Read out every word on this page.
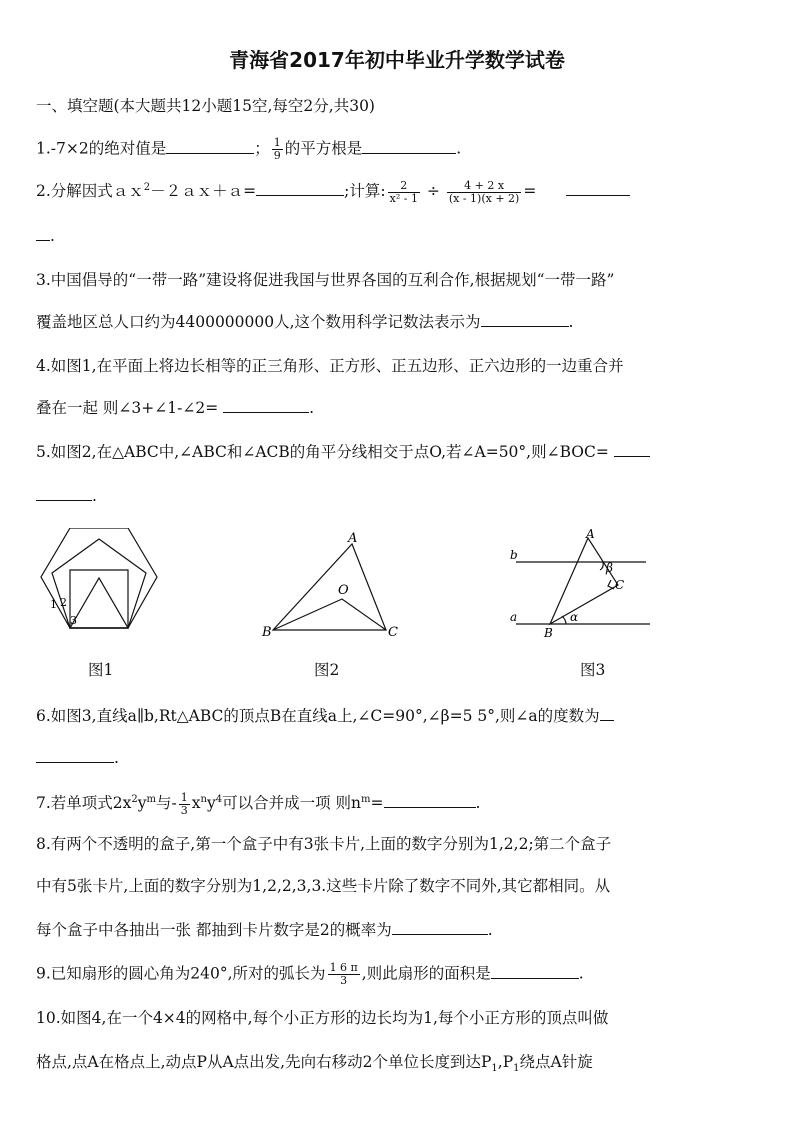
青海省2017年初中毕业升学数学试卷
一、填空题(本大题共12小题15空,每空2分,共30)
1.-7×2的绝对值是	； $\frac{1}{9}$ 的平方根是	.
2.分解因式ａｘ$^2$－２ａｘ＋ａ=	;计算: $\frac{2}{\text{x² - 1}} \div \frac{4 + 2 x}{(x - 1)(x + 2)}$ =
.
3.中国倡导的“一带一路”建设将促进我国与世界各国的互利合作,根据规划“一带一路”
覆盖地区总人口约为4400000000人,这个数用科学记数法表示为	.
4.如图1,在平面上将边长相等的正三角形、正方形、正五边形、正六边形的一边重合并
叠在一起 则∠3+∠1-∠2=	.
5.如图2,在△ABC中,∠ABC和∠ACB的角平分线相交于点O,若∠A=50°,则∠BOC=
.
1 2
3
图1
A
B	C
O
图2
A
B
C
b
a	α
β
图3
6.如图3,直线a∥b,Rt△ABC的顶点B在直线a上,∠C=90°,∠β=5 5°,则∠a的度数为
.
7.若单项式$2x^2y^m$与- $\frac{1}{3} x^ny^4$可以合并成一项 则$n^m=$	.
8.有两个不透明的盒子,第一个盒子中有3张卡片,上面的数字分别为1,2,2;第二个盒子
中有5张卡片,上面的数字分别为1,2,2,3,3.这些卡片除了数字不同外,其它都相同。从
每个盒子中各抽出一张 都抽到卡片数字是2的概率为	.
9.已知扇形的圆心角为240°,所对的弧长为 $\frac{1 6 \pi}{3}$ ,则此扇形的面积是	.
10.如图4,在一个4×4的网格中,每个小正方形的边长均为1,每个小正方形的顶点叫做
格点,点A在格点上,动点P从A点出发,先向右移动2个单位长度到达$P_1,P_1$绕点A针旋
